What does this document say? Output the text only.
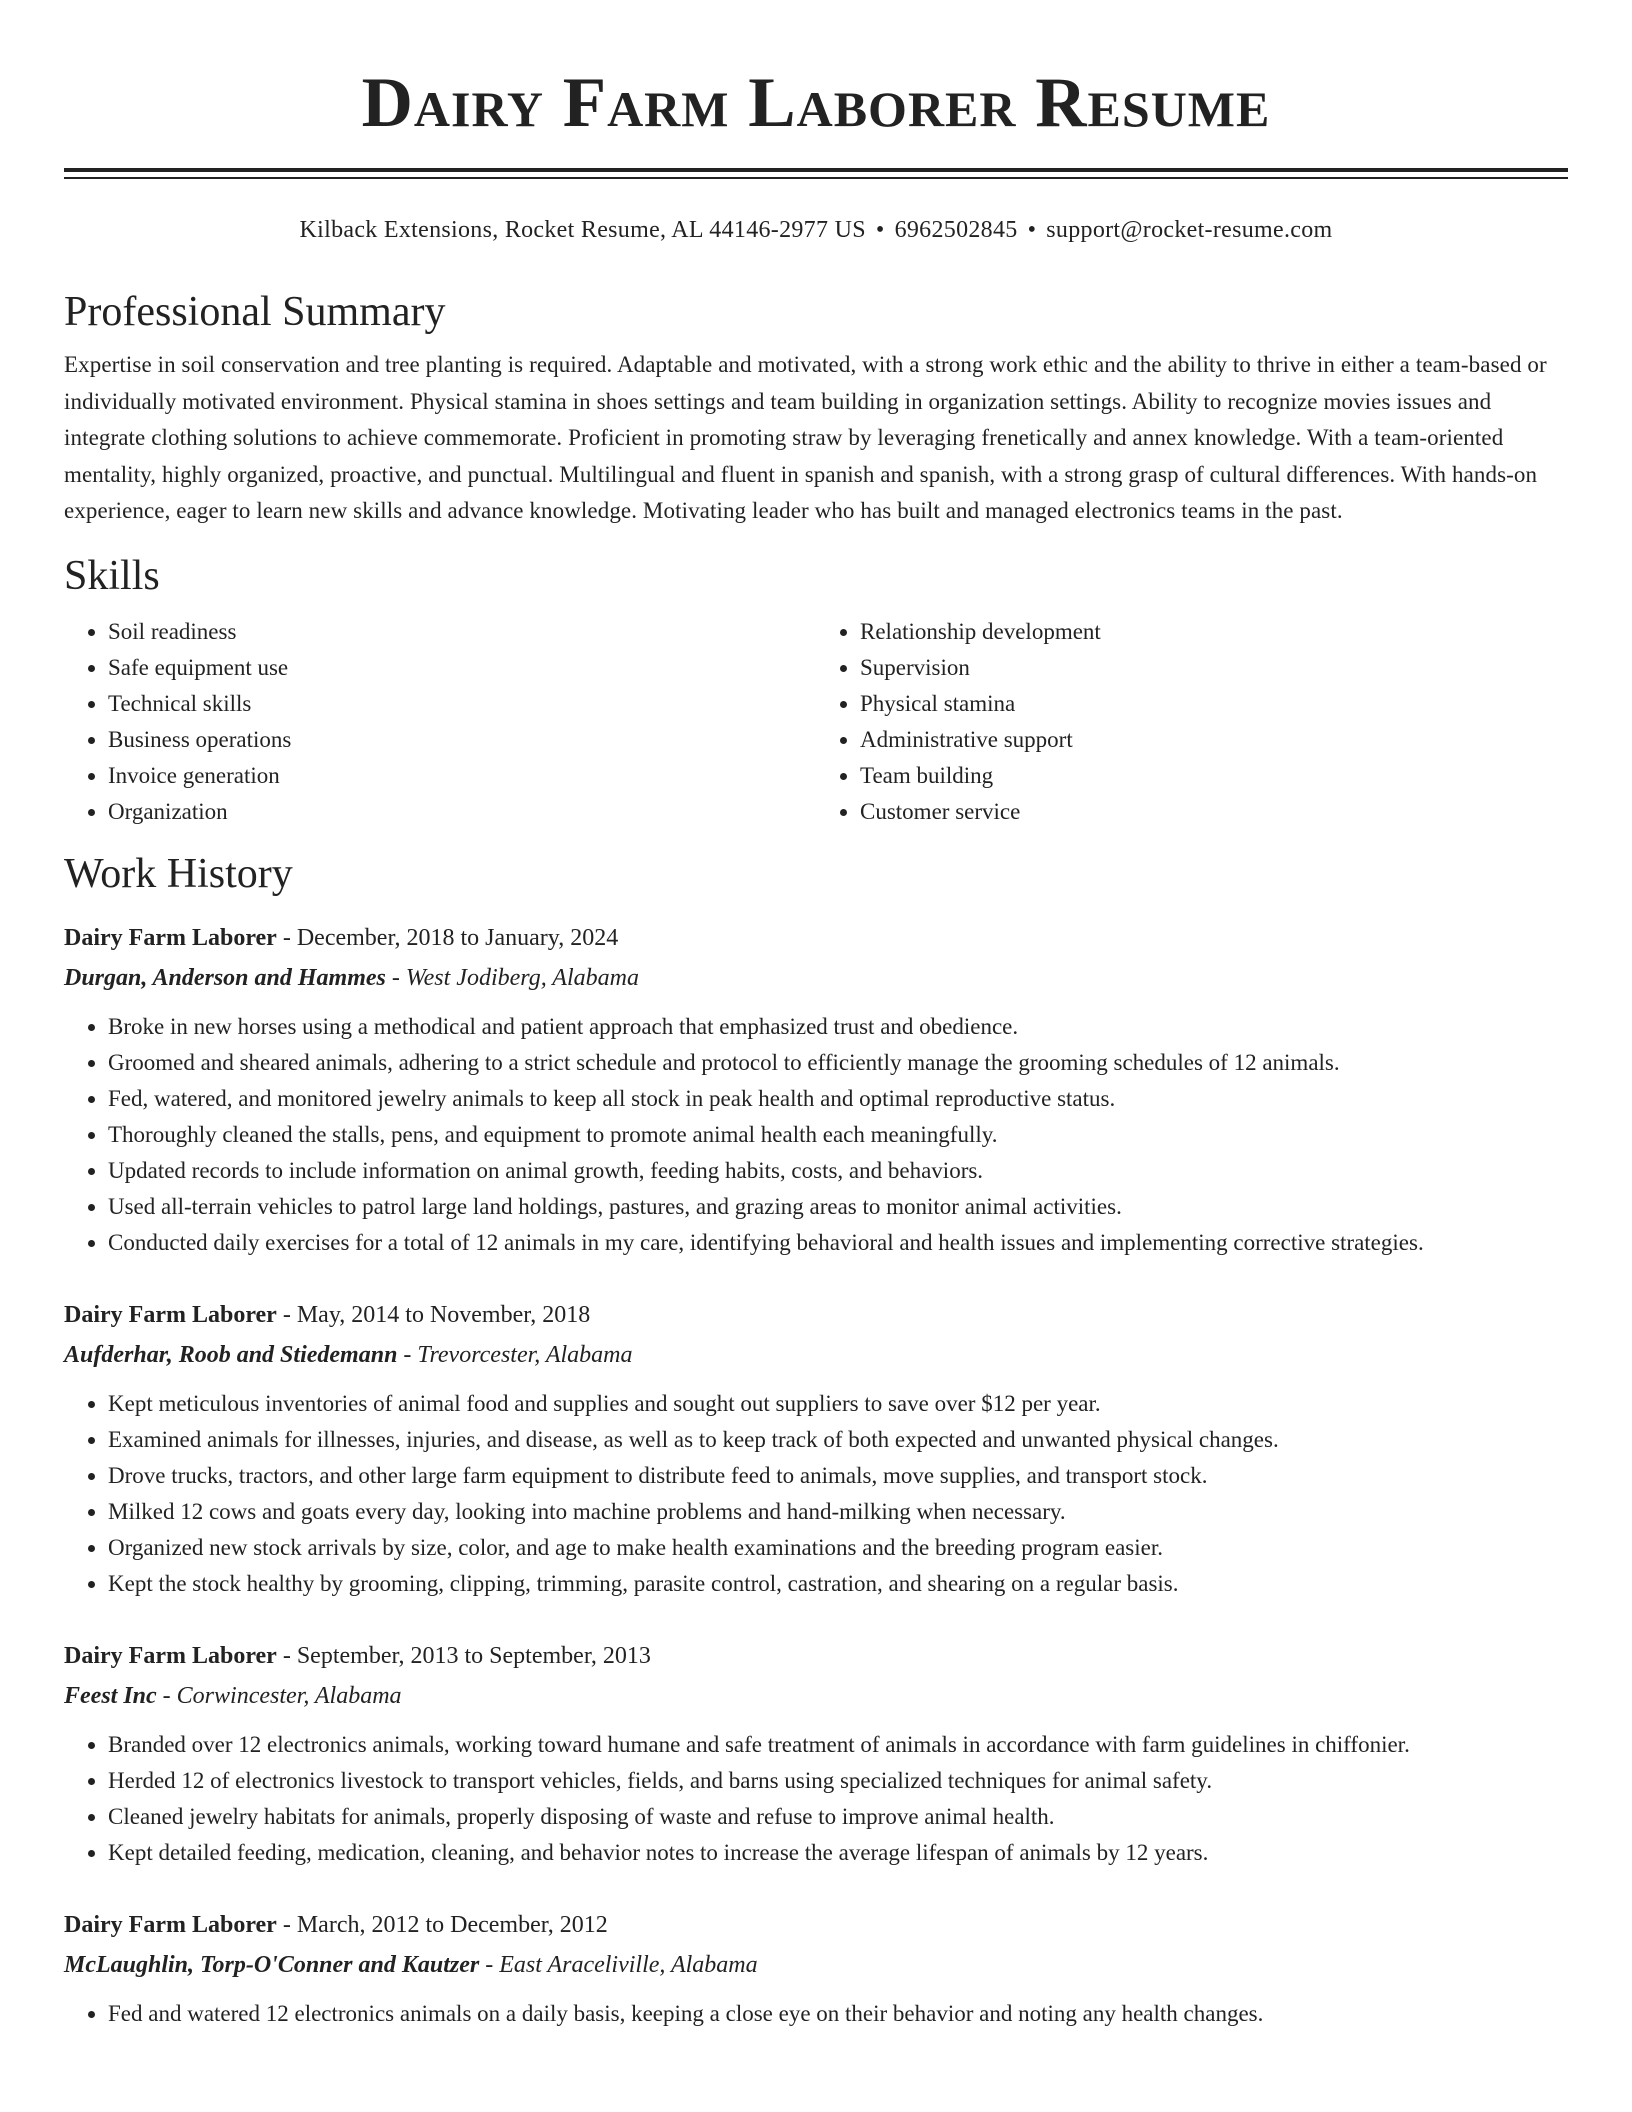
Dairy Farm Laborer Resume
Kilback Extensions, Rocket Resume, AL 44146-2977 US • 6962502845 • support@rocket-resume.com
Professional Summary

Expertise in soil conservation and tree planting is required. Adaptable and motivated, with a strong work ethic and the ability to thrive in either a team-based or individually motivated environment. Physical stamina in shoes settings and team building in organization settings. Ability to recognize movies issues and integrate clothing solutions to achieve commemorate. Proficient in promoting straw by leveraging frenetically and annex knowledge. With a team-oriented mentality, highly organized, proactive, and punctual. Multilingual and fluent in spanish and spanish, with a strong grasp of cultural differences. With hands-on experience, eager to learn new skills and advance knowledge. Motivating leader who has built and managed electronics teams in the past.

Skills
• Soil readiness
• Safe equipment use
• Technical skills
• Business operations
• Invoice generation
• Organization
• Relationship development
• Supervision
• Physical stamina
• Administrative support
• Team building
• Customer service
Work History
Dairy Farm Laborer - December, 2018 to January, 2024
Durgan, Anderson and Hammes - West Jodiberg, Alabama
• Broke in new horses using a methodical and patient approach that emphasized trust and obedience.
• Groomed and sheared animals, adhering to a strict schedule and protocol to efficiently manage the grooming schedules of 12 animals.
• Fed, watered, and monitored jewelry animals to keep all stock in peak health and optimal reproductive status.
• Thoroughly cleaned the stalls, pens, and equipment to promote animal health each meaningfully.
• Updated records to include information on animal growth, feeding habits, costs, and behaviors.
• Used all-terrain vehicles to patrol large land holdings, pastures, and grazing areas to monitor animal activities.
• Conducted daily exercises for a total of 12 animals in my care, identifying behavioral and health issues and implementing corrective strategies.
Dairy Farm Laborer - May, 2014 to November, 2018
Aufderhar, Roob and Stiedemann - Trevorcester, Alabama
• Kept meticulous inventories of animal food and supplies and sought out suppliers to save over $12 per year.
• Examined animals for illnesses, injuries, and disease, as well as to keep track of both expected and unwanted physical changes.
• Drove trucks, tractors, and other large farm equipment to distribute feed to animals, move supplies, and transport stock.
• Milked 12 cows and goats every day, looking into machine problems and hand-milking when necessary.
• Organized new stock arrivals by size, color, and age to make health examinations and the breeding program easier.
• Kept the stock healthy by grooming, clipping, trimming, parasite control, castration, and shearing on a regular basis.
Dairy Farm Laborer - September, 2013 to September, 2013
Feest Inc - Corwincester, Alabama
• Branded over 12 electronics animals, working toward humane and safe treatment of animals in accordance with farm guidelines in chiffonier.
• Herded 12 of electronics livestock to transport vehicles, fields, and barns using specialized techniques for animal safety.
• Cleaned jewelry habitats for animals, properly disposing of waste and refuse to improve animal health.
• Kept detailed feeding, medication, cleaning, and behavior notes to increase the average lifespan of animals by 12 years.
Dairy Farm Laborer - March, 2012 to December, 2012
McLaughlin, Torp-O'Conner and Kautzer - East Araceliville, Alabama
• Fed and watered 12 electronics animals on a daily basis, keeping a close eye on their behavior and noting any health changes.
